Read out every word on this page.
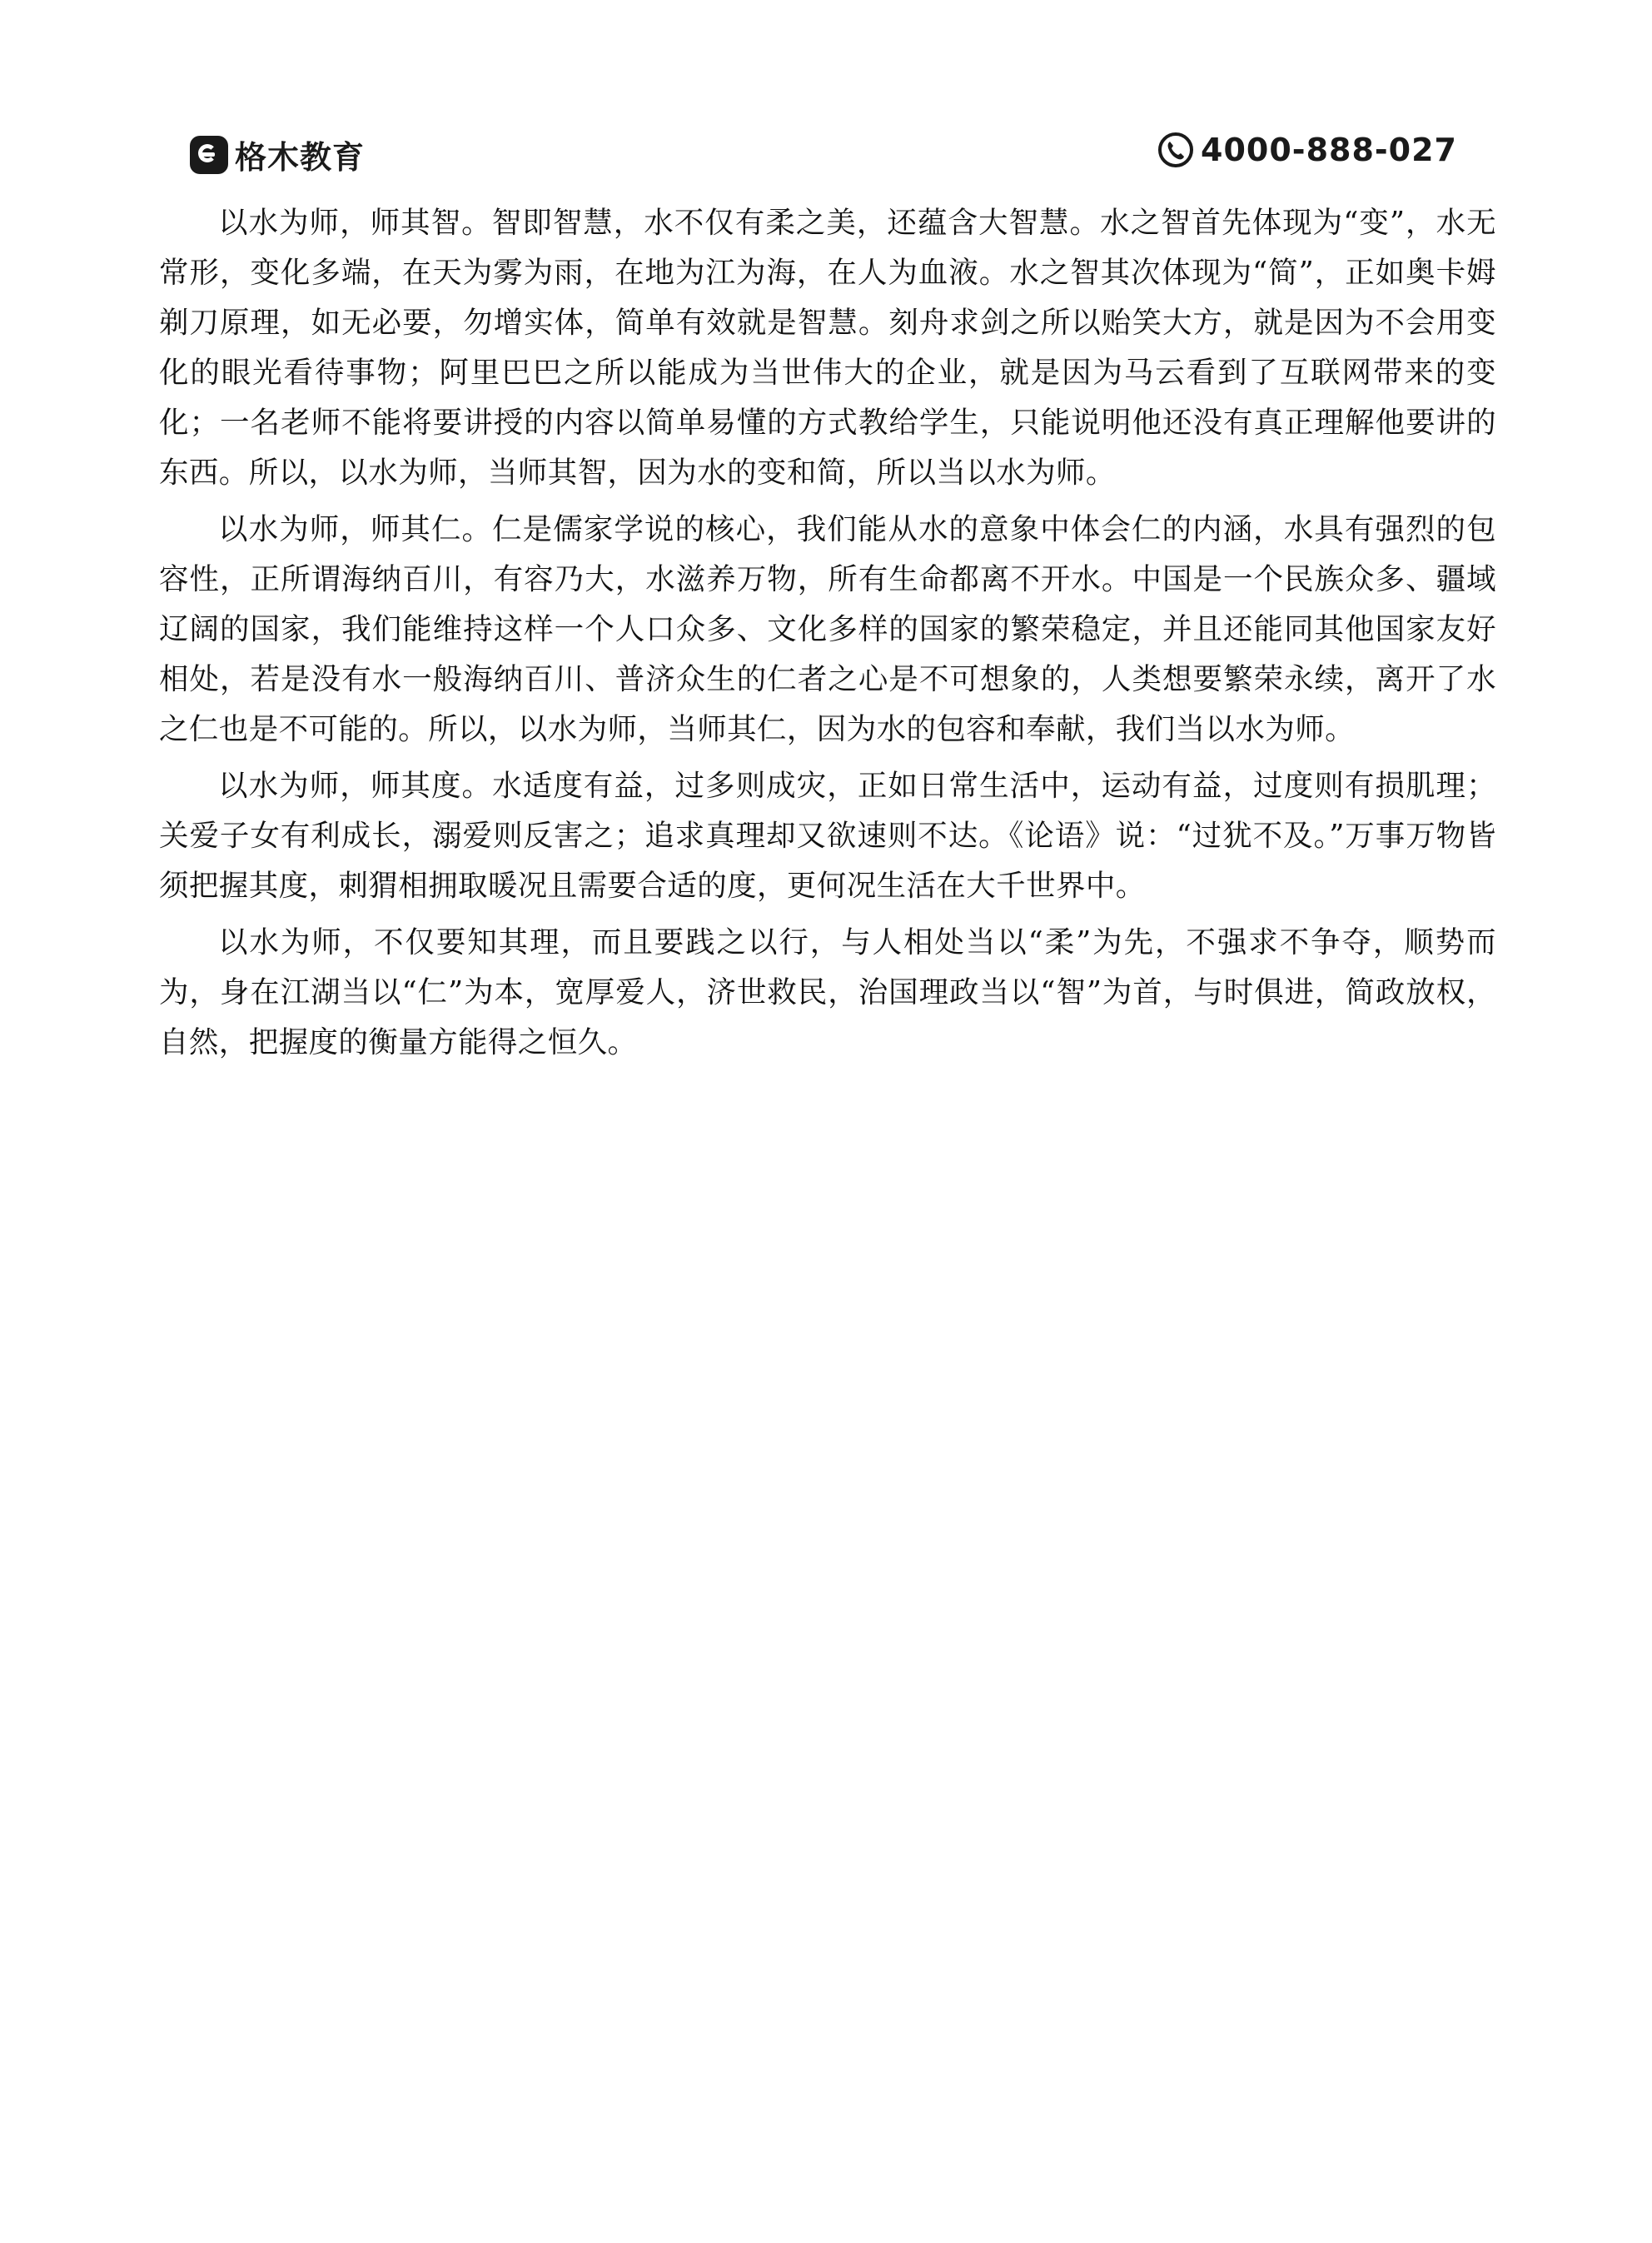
格木教育	4000-888-027

以水为师，师其智。智即智慧，水不仅有柔之美，还蕴含大智慧。水之智首先体现为“变”，水无常形，变化多端，在天为雾为雨，在地为江为海，在人为血液。水之智其次体现为“简”，正如奥卡姆剃刀原理，如无必要，勿增实体，简单有效就是智慧。刻舟求剑之所以贻笑大方，就是因为不会用变化的眼光看待事物；阿里巴巴之所以能成为当世伟大的企业，就是因为马云看到了互联网带来的变化；一名老师不能将要讲授的内容以简单易懂的方式教给学生，只能说明他还没有真正理解他要讲的东西。所以，以水为师，当师其智，因为水的变和简，所以当以水为师。

以水为师，师其仁。仁是儒家学说的核心，我们能从水的意象中体会仁的内涵，水具有强烈的包容性，正所谓海纳百川，有容乃大，水滋养万物，所有生命都离不开水。中国是一个民族众多、疆域辽阔的国家，我们能维持这样一个人口众多、文化多样的国家的繁荣稳定，并且还能同其他国家友好相处，若是没有水一般海纳百川、普济众生的仁者之心是不可想象的，人类想要繁荣永续，离开了水之仁也是不可能的。所以，以水为师，当师其仁，因为水的包容和奉献，我们当以水为师。

以水为师，师其度。水适度有益，过多则成灾，正如日常生活中，运动有益，过度则有损肌理；关爱子女有利成长，溺爱则反害之；追求真理却又欲速则不达。《论语》说：“过犹不及。”万事万物皆须把握其度，刺猬相拥取暖况且需要合适的度，更何况生活在大千世界中。

以水为师，不仅要知其理，而且要践之以行，与人相处当以“柔”为先，不强求不争夺，顺势而为，身在江湖当以“仁”为本，宽厚爱人，济世救民，治国理政当以“智”为首，与时俱进，简政放权，自然，把握度的衡量方能得之恒久。
